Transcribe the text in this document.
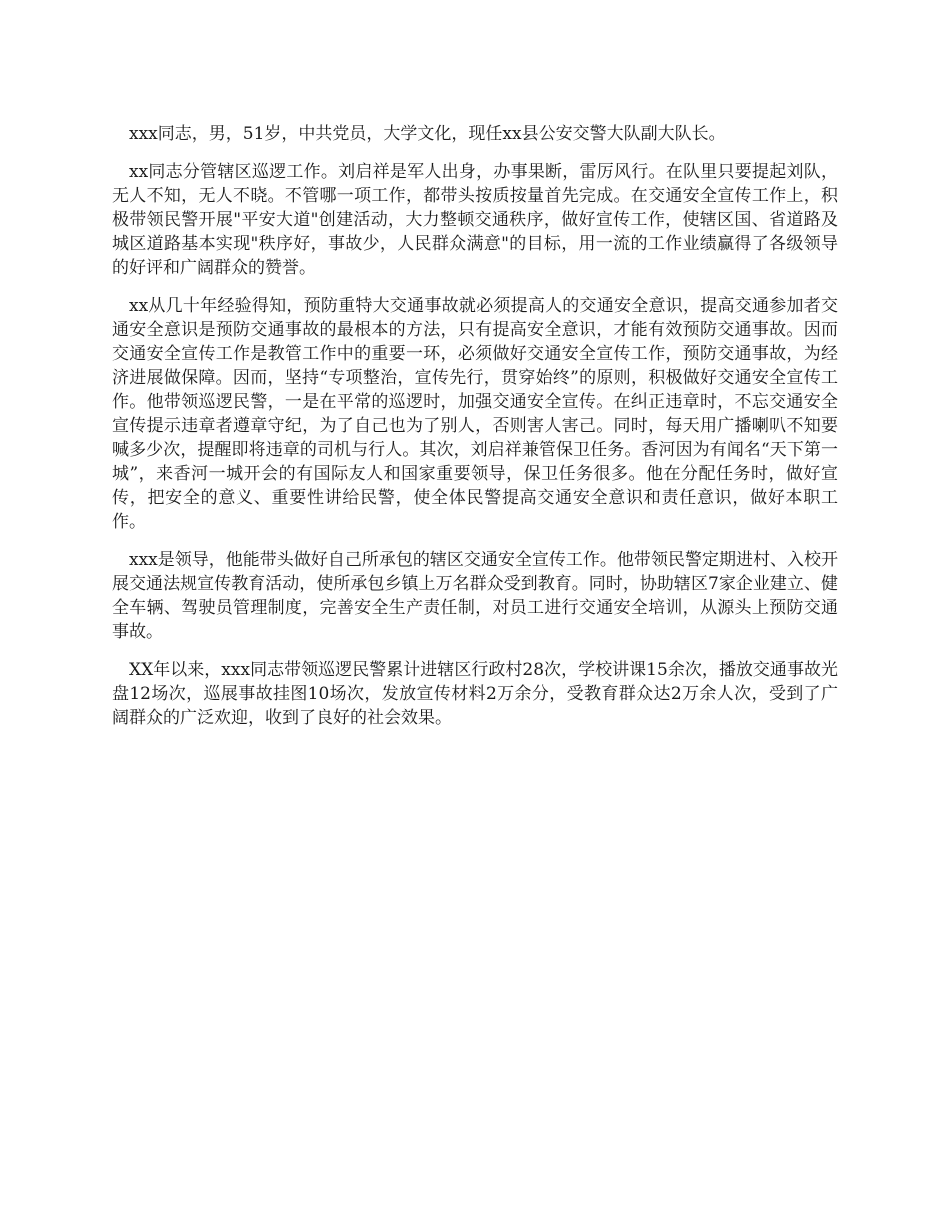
xxx同志，男，51岁，中共党员，大学文化，现任xx县公安交警大队副大队长。

xx同志分管辖区巡逻工作。刘启祥是军人出身，办事果断，雷厉风行。在队里只要提起刘队，无人不知，无人不晓。不管哪一项工作，都带头按质按量首先完成。在交通安全宣传工作上，积极带领民警开展"平安大道"创建活动，大力整顿交通秩序，做好宣传工作，使辖区国、省道路及城区道路基本实现"秩序好，事故少，人民群众满意"的目标，用一流的工作业绩赢得了各级领导的好评和广阔群众的赞誉。

xx从几十年经验得知，预防重特大交通事故就必须提高人的交通安全意识，提高交通参加者交通安全意识是预防交通事故的最根本的方法，只有提高安全意识，才能有效预防交通事故。因而交通安全宣传工作是教管工作中的重要一环，必须做好交通安全宣传工作，预防交通事故，为经济进展做保障。因而，坚持“专项整治，宣传先行，贯穿始终”的原则，积极做好交通安全宣传工作。他带领巡逻民警，一是在平常的巡逻时，加强交通安全宣传。在纠正违章时，不忘交通安全宣传提示违章者遵章守纪，为了自己也为了别人，否则害人害己。同时，每天用广播喇叭不知要喊多少次，提醒即将违章的司机与行人。其次，刘启祥兼管保卫任务。香河因为有闻名“天下第一城”，来香河一城开会的有国际友人和国家重要领导，保卫任务很多。他在分配任务时，做好宣传，把安全的意义、重要性讲给民警，使全体民警提高交通安全意识和责任意识，做好本职工作。

xxx是领导，他能带头做好自己所承包的辖区交通安全宣传工作。他带领民警定期进村、入校开展交通法规宣传教育活动，使所承包乡镇上万名群众受到教育。同时，协助辖区7家企业建立、健全车辆、驾驶员管理制度，完善安全生产责任制，对员工进行交通安全培训，从源头上预防交通事故。

XX年以来，xxx同志带领巡逻民警累计进辖区行政村28次，学校讲课15余次，播放交通事故光盘12场次，巡展事故挂图10场次，发放宣传材料2万余分，受教育群众达2万余人次，受到了广阔群众的广泛欢迎，收到了良好的社会效果。
